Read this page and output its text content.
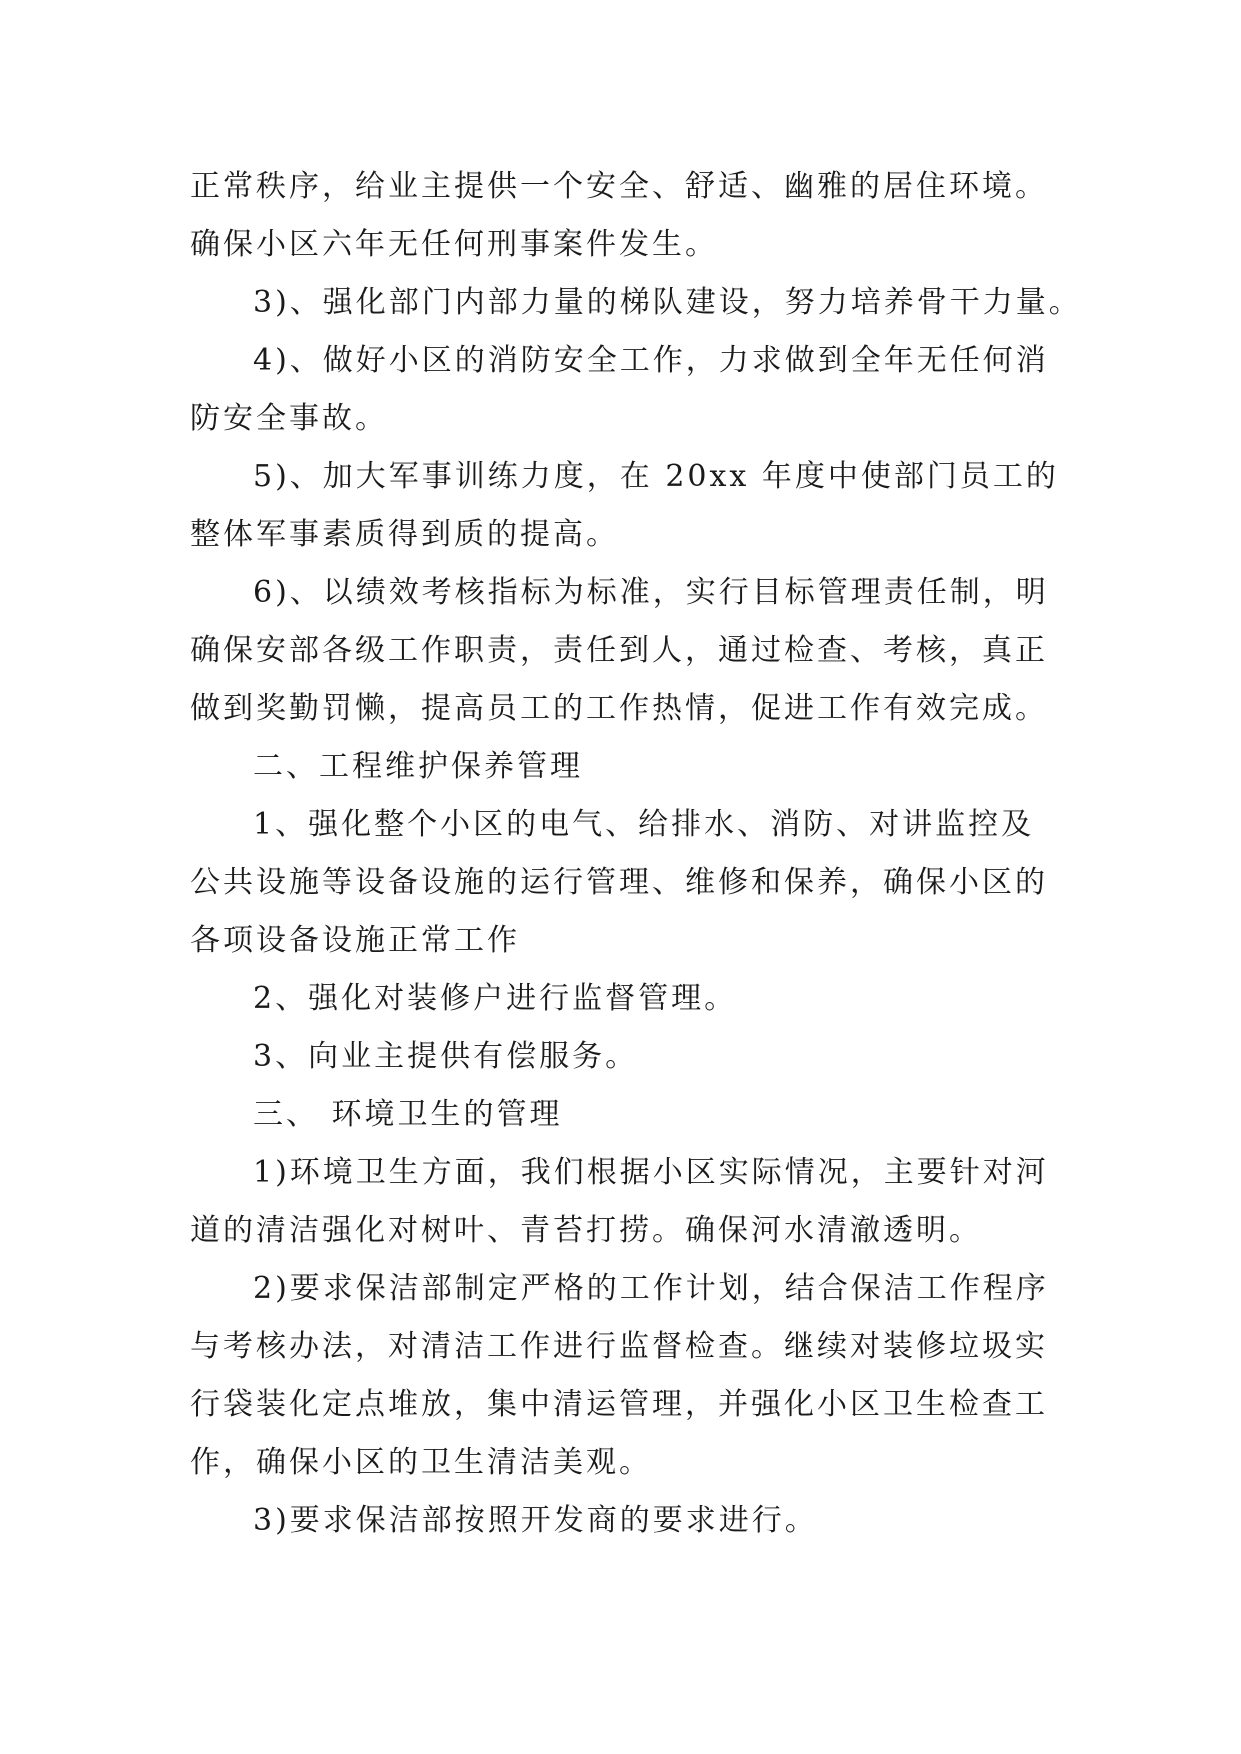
正常秩序，给业主提供一个安全、舒适、幽雅的居住环境。
确保小区六年无任何刑事案件发生。
3)、强化部门内部力量的梯队建设，努力培养骨干力量。
4)、做好小区的消防安全工作，力求做到全年无任何消
防安全事故。
5)、加大军事训练力度，在 20xx 年度中使部门员工的
整体军事素质得到质的提高。
6)、以绩效考核指标为标准，实行目标管理责任制，明
确保安部各级工作职责，责任到人，通过检查、考核，真正
做到奖勤罚懒，提高员工的工作热情，促进工作有效完成。
二、工程维护保养管理
1、强化整个小区的电气、给排水、消防、对讲监控及
公共设施等设备设施的运行管理、维修和保养，确保小区的
各项设备设施正常工作
2、强化对装修户进行监督管理。
3、向业主提供有偿服务。
三、 环境卫生的管理
1)环境卫生方面，我们根据小区实际情况，主要针对河
道的清洁强化对树叶、青苔打捞。确保河水清澈透明。
2)要求保洁部制定严格的工作计划，结合保洁工作程序
与考核办法，对清洁工作进行监督检查。继续对装修垃圾实
行袋装化定点堆放，集中清运管理，并强化小区卫生检查工
作，确保小区的卫生清洁美观。
3)要求保洁部按照开发商的要求进行。
